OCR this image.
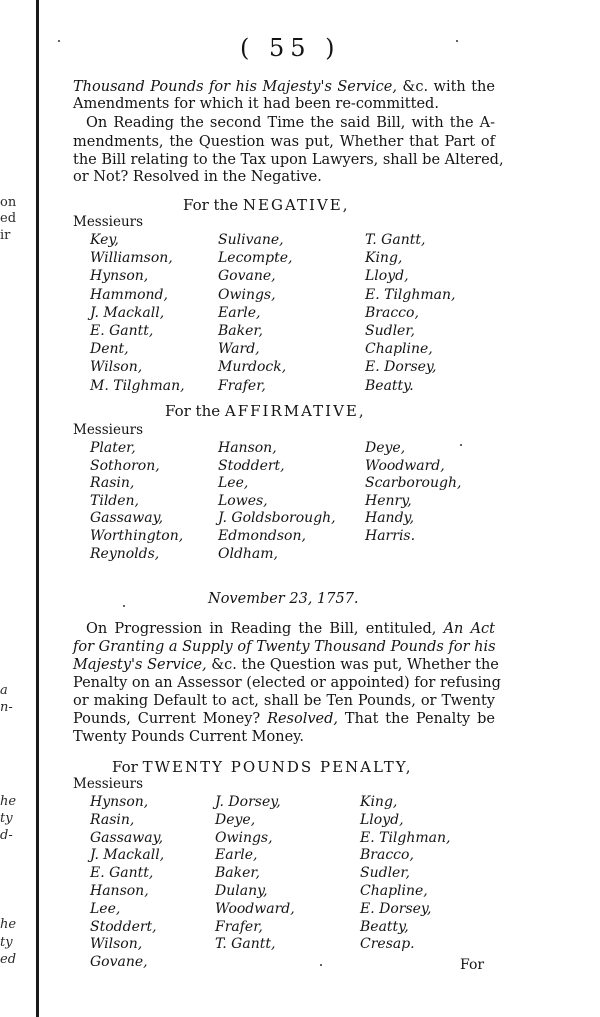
on
ed
ir
a
n-
he
ty
d-
he
ty
ed
( 55 )
Thousand Pounds for his Majesty's Service, &c. with the
Amendments for which it had been re-committed.
On Reading the second Time the said Bill, with the A-
mendments, the Question was put, Whether that Part of
the Bill relating to the Tax upon Lawyers, shall be Altered,
or Not? Resolved in the Negative.
For the NEGATIVE,
Messieurs
Key,
Williamson,
Hynson,
Hammond,
J. Mackall,
E. Gantt,
Dent,
Wilson,
M. Tilghman,
Sulivane,
Lecompte,
Govane,
Owings,
Earle,
Baker,
Ward,
Murdock,
Frafer,
T. Gantt,
King,
Lloyd,
E. Tilghman,
Bracco,
Sudler,
Chapline,
E. Dorsey,
Beatty.
For the AFFIRMATIVE,
Messieurs
Plater,
Sothoron,
Rasin,
Tilden,
Gassaway,
Worthington,
Reynolds,
Hanson,
Stoddert,
Lee,
Lowes,
J. Goldsborough,
Edmondson,
Oldham,
Deye,
Woodward,
Scarborough,
Henry,
Handy,
Harris.
November 23, 1757.
On Progression in Reading the Bill, entituled, An Act
for Granting a Supply of Twenty Thousand Pounds for his
Majesty's Service, &c. the Question was put, Whether the
Penalty on an Assessor (elected or appointed) for refusing
or making Default to act, shall be Ten Pounds, or Twenty
Pounds, Current Money? Resolved, That the Penalty be
Twenty Pounds Current Money.
For TWENTY POUNDS PENALTY,
Messieurs
Hynson,
Rasin,
Gassaway,
J. Mackall,
E. Gantt,
Hanson,
Lee,
Stoddert,
Wilson,
Govane,
J. Dorsey,
Deye,
Owings,
Earle,
Baker,
Dulany,
Woodward,
Frafer,
T. Gantt,
King,
Lloyd,
E. Tilghman,
Bracco,
Sudler,
Chapline,
E. Dorsey,
Beatty,
Cresap.
For
